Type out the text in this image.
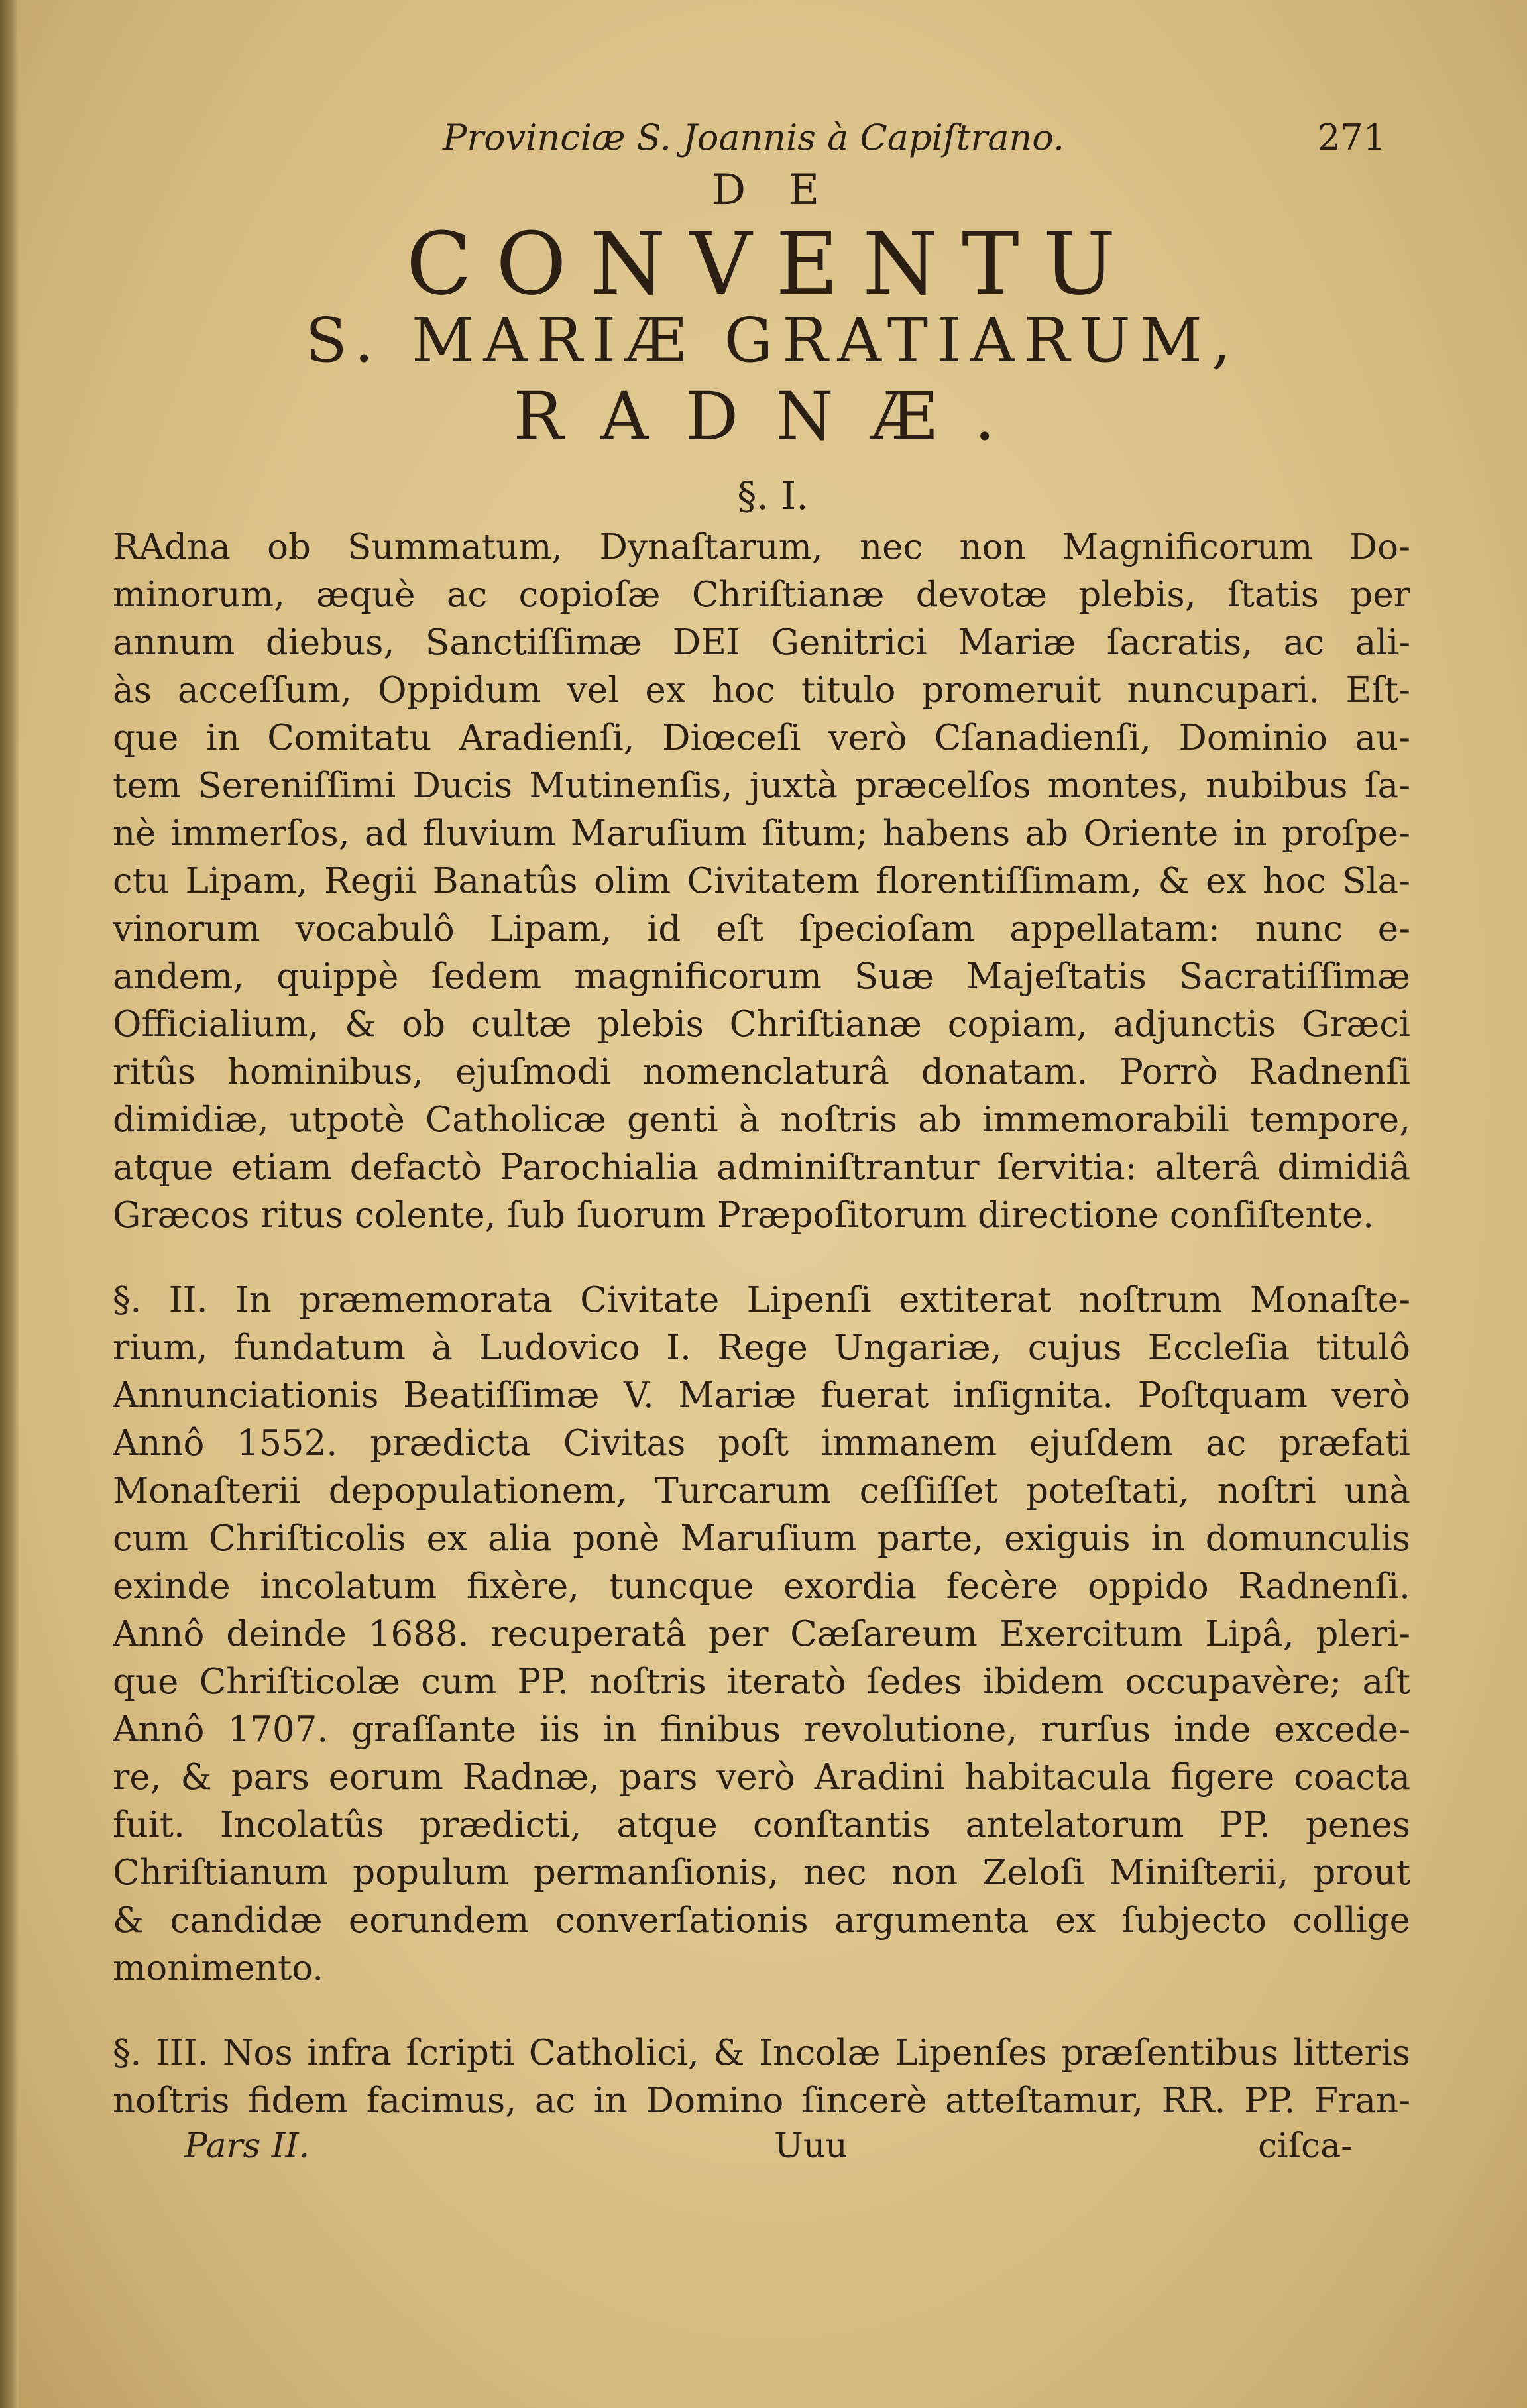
Provinciæ S. Joannis à Capiſtrano.	271
D E
CONVENTU
S. MARIÆ GRATIARUM,
RADNÆ.
§. I.
RAdna ob Summatum, Dynaſtarum, nec non Magnificorum Do-
minorum, æquè ac copioſæ Chriſtianæ devotæ plebis, ſtatis per
annum diebus, Sanctiſſimæ DEI Genitrici Mariæ ſacratis, ac ali-
às acceſſum, Oppidum vel ex hoc titulo promeruit nuncupari. Eſt-
que in Comitatu Aradienſi, Diœceſi verò Cſanadienſi, Dominio au-
tem Sereniſſimi Ducis Mutinenſis, juxtà præcelſos montes, nubibus ſa-
nè immerſos, ad fluvium Maruſium ſitum; habens ab Oriente in proſpe-
ctu Lipam, Regii Banatûs olim Civitatem florentiſſimam, & ex hoc Sla-
vinorum vocabulô Lipam, id eſt ſpecioſam appellatam: nunc e-
andem, quippè ſedem magnificorum Suæ Majeſtatis Sacratiſſimæ
Officialium, & ob cultæ plebis Chriſtianæ copiam, adjunctis Græci
ritûs hominibus, ejuſmodi nomenclaturâ donatam. Porrò Radnenſi
dimidiæ, utpotè Catholicæ genti à noſtris ab immemorabili tempore,
atque etiam defactò Parochialia adminiſtrantur ſervitia: alterâ dimidiâ
Græcos ritus colente, ſub ſuorum Præpoſitorum directione conſiſtente.
§. II. In præmemorata Civitate Lipenſi extiterat noſtrum Monaſte-
rium, fundatum à Ludovico I. Rege Ungariæ, cujus Eccleſia titulô
Annunciationis Beatiſſimæ V. Mariæ fuerat inſignita. Poſtquam verò
Annô 1552. prædicta Civitas poſt immanem ejuſdem ac præfati
Monaſterii depopulationem, Turcarum ceſſiſſet poteſtati, noſtri unà
cum Chriſticolis ex alia ponè Maruſium parte, exiguis in domunculis
exinde incolatum fixère, tuncque exordia fecère oppido Radnenſi.
Annô deinde 1688. recuperatâ per Cæſareum Exercitum Lipâ, pleri-
que Chriſticolæ cum PP. noſtris iteratò ſedes ibidem occupavère; aſt
Annô 1707. graſſante iis in finibus revolutione, rurſus inde excede-
re, & pars eorum Radnæ, pars verò Aradini habitacula figere coacta
fuit. Incolatûs prædicti, atque conſtantis antelatorum PP. penes
Chriſtianum populum permanſionis, nec non Zeloſi Miniſterii, prout
& candidæ eorundem converſationis argumenta ex ſubjecto collige
monimento.
§. III. Nos infra ſcripti Catholici, & Incolæ Lipenſes præſentibus litteris
noſtris fidem facimus, ac in Domino ſincerè atteſtamur, RR. PP. Fran-
Pars II.	Uuu	ciſca-
